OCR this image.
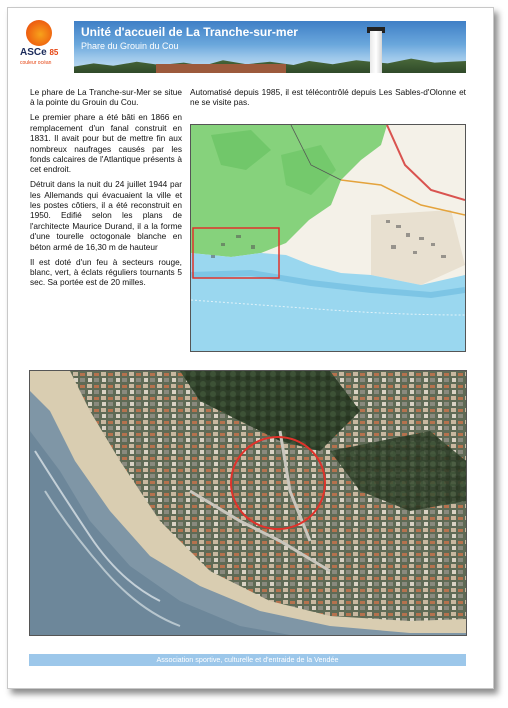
ASCe 85
couleur océan
Unité d'accueil de La Tranche-sur-mer
Phare du Grouin du Cou

Le phare de La Tranche-sur-Mer se situe à la pointe du Grouin du Cou.

Le premier phare a été bâti en 1866 en remplacement d'un fanal construit en 1831. Il avait pour but de mettre fin aux nombreux naufrages causés par les fonds calcaires de l'Atlantique présents à cet endroit.

Détruit dans la nuit du 24 juillet 1944 par les Allemands qui évacuaient la ville et les postes côtiers, il a été reconstruit en 1950. Edifié selon les plans de l'architecte Maurice Durand, il a la forme d'une tourelle octogonale blanche en béton armé de 16,30 m de hauteur

Il est doté d'un feu à secteurs rouge, blanc, vert, à éclats réguliers tournants 5 sec. Sa portée est de 20 milles.

Automatisé depuis 1985, il est télécontrôlé depuis Les Sables-d'Olonne et ne se visite pas.

Association sportive, culturelle et d'entraide de la Vendée
